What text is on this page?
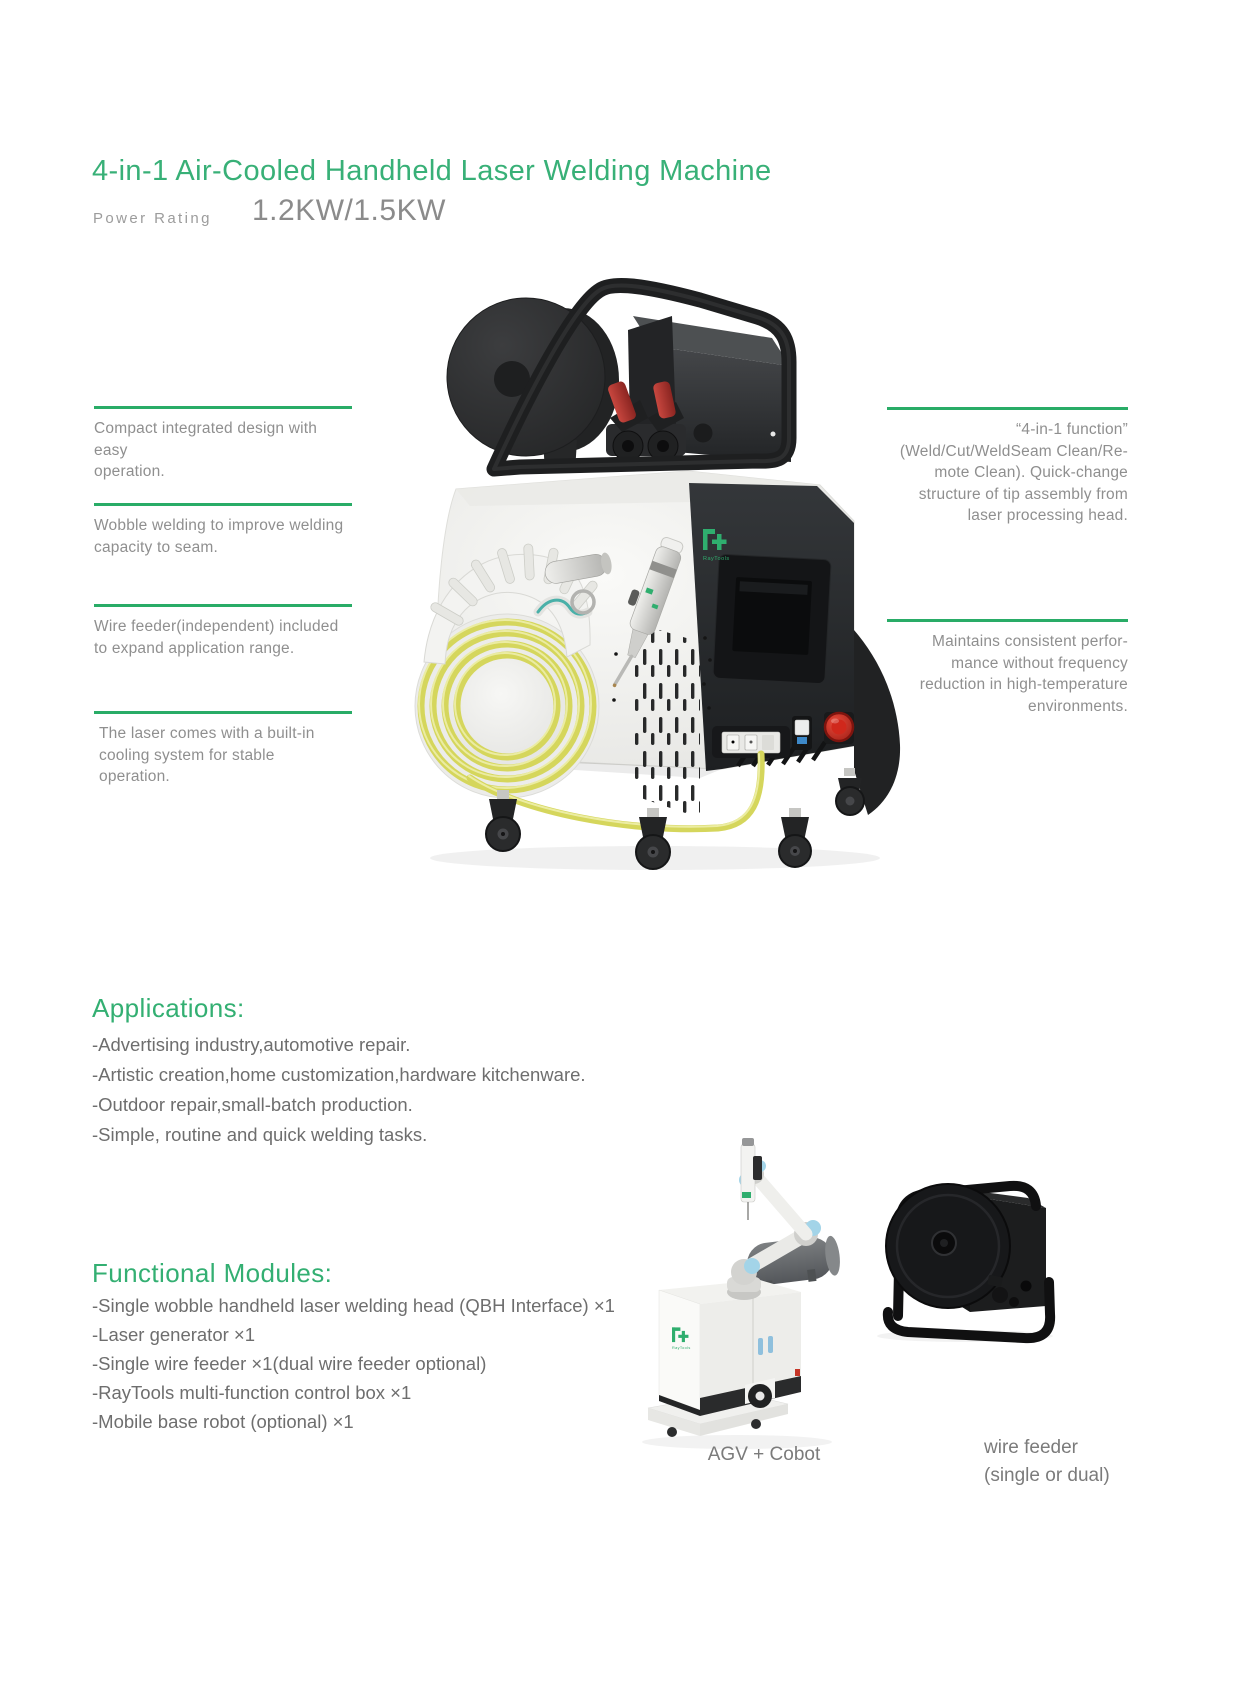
4-in-1 Air-Cooled Handheld Laser Welding Machine
Power Rating 1.2KW/1.5KW
Compact integrated design with easy
operation.
Wobble welding to improve welding
capacity to seam.
Wire feeder(independent) included
to expand application range.
The laser comes with a built-in
cooling system for stable
operation.
“4-in-1 function”
(Weld/Cut/WeldSeam Clean/Re-
mote Clean). Quick-change
structure of tip assembly from
laser processing head.
Maintains consistent perfor-
mance without frequency
reduction in high-temperature
environments.
RayTools
Applications:
-Advertising industry,automotive repair.
-Artistic creation,home customization,hardware kitchenware.
-Outdoor repair,small-batch production.
-Simple, routine and quick welding tasks.
Functional Modules:
-Single wobble handheld laser welding head (QBH Interface) ×1
-Laser generator ×1
-Single wire feeder ×1(dual wire feeder optional)
-RayTools multi-function control box ×1
-Mobile base robot (optional) ×1
RayTools
AGV + Cobot	wire feeder
(single or dual)
